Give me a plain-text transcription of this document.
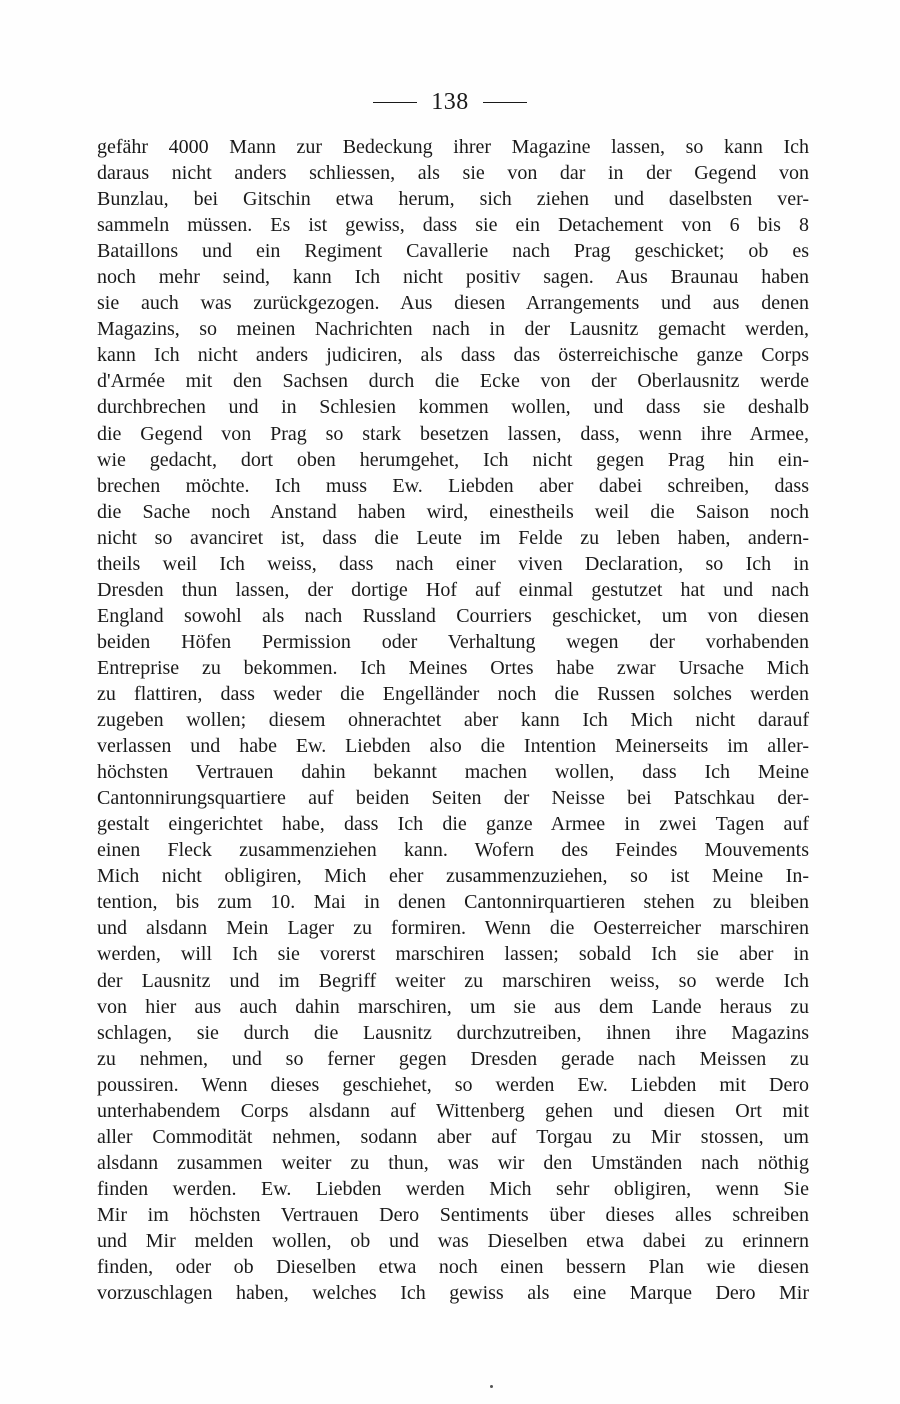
138
gefähr 4000 Mann zur Bedeckung ihrer Magazine lassen, so kann Ich
daraus nicht anders schliessen, als sie von dar in der Gegend von
Bunzlau, bei Gitschin etwa herum, sich ziehen und daselbsten ver-
sammeln müssen. Es ist gewiss, dass sie ein Detachement von 6 bis 8
Bataillons und ein Regiment Cavallerie nach Prag geschicket; ob es
noch mehr seind, kann Ich nicht positiv sagen. Aus Braunau haben
sie auch was zurückgezogen. Aus diesen Arrangements und aus denen
Magazins, so meinen Nachrichten nach in der Lausnitz gemacht werden,
kann Ich nicht anders judiciren, als dass das österreichische ganze Corps
d'Armée mit den Sachsen durch die Ecke von der Oberlausnitz werde
durchbrechen und in Schlesien kommen wollen, und dass sie deshalb
die Gegend von Prag so stark besetzen lassen, dass, wenn ihre Armee,
wie gedacht, dort oben herumgehet, Ich nicht gegen Prag hin ein-
brechen möchte. Ich muss Ew. Liebden aber dabei schreiben, dass
die Sache noch Anstand haben wird, einestheils weil die Saison noch
nicht so avanciret ist, dass die Leute im Felde zu leben haben, andern-
theils weil Ich weiss, dass nach einer viven Declaration, so Ich in
Dresden thun lassen, der dortige Hof auf einmal gestutzet hat und nach
England sowohl als nach Russland Courriers geschicket, um von diesen
beiden Höfen Permission oder Verhaltung wegen der vorhabenden
Entreprise zu bekommen. Ich Meines Ortes habe zwar Ursache Mich
zu flattiren, dass weder die Engelländer noch die Russen solches werden
zugeben wollen; diesem ohnerachtet aber kann Ich Mich nicht darauf
verlassen und habe Ew. Liebden also die Intention Meinerseits im aller-
höchsten Vertrauen dahin bekannt machen wollen, dass Ich Meine
Cantonnirungsquartiere auf beiden Seiten der Neisse bei Patschkau der-
gestalt eingerichtet habe, dass Ich die ganze Armee in zwei Tagen auf
einen Fleck zusammenziehen kann. Wofern des Feindes Mouvements
Mich nicht obligiren, Mich eher zusammenzuziehen, so ist Meine In-
tention, bis zum 10. Mai in denen Cantonnirquartieren stehen zu bleiben
und alsdann Mein Lager zu formiren. Wenn die Oesterreicher marschiren
werden, will Ich sie vorerst marschiren lassen; sobald Ich sie aber in
der Lausnitz und im Begriff weiter zu marschiren weiss, so werde Ich
von hier aus auch dahin marschiren, um sie aus dem Lande heraus zu
schlagen, sie durch die Lausnitz durchzutreiben, ihnen ihre Magazins
zu nehmen, und so ferner gegen Dresden gerade nach Meissen zu
poussiren. Wenn dieses geschiehet, so werden Ew. Liebden mit Dero
unterhabendem Corps alsdann auf Wittenberg gehen und diesen Ort mit
aller Commodität nehmen, sodann aber auf Torgau zu Mir stossen, um
alsdann zusammen weiter zu thun, was wir den Umständen nach nöthig
finden werden. Ew. Liebden werden Mich sehr obligiren, wenn Sie
Mir im höchsten Vertrauen Dero Sentiments über dieses alles schreiben
und Mir melden wollen, ob und was Dieselben etwa dabei zu erinnern
finden, oder ob Dieselben etwa noch einen bessern Plan wie diesen
vorzuschlagen haben, welches Ich gewiss als eine Marque Dero Mir
